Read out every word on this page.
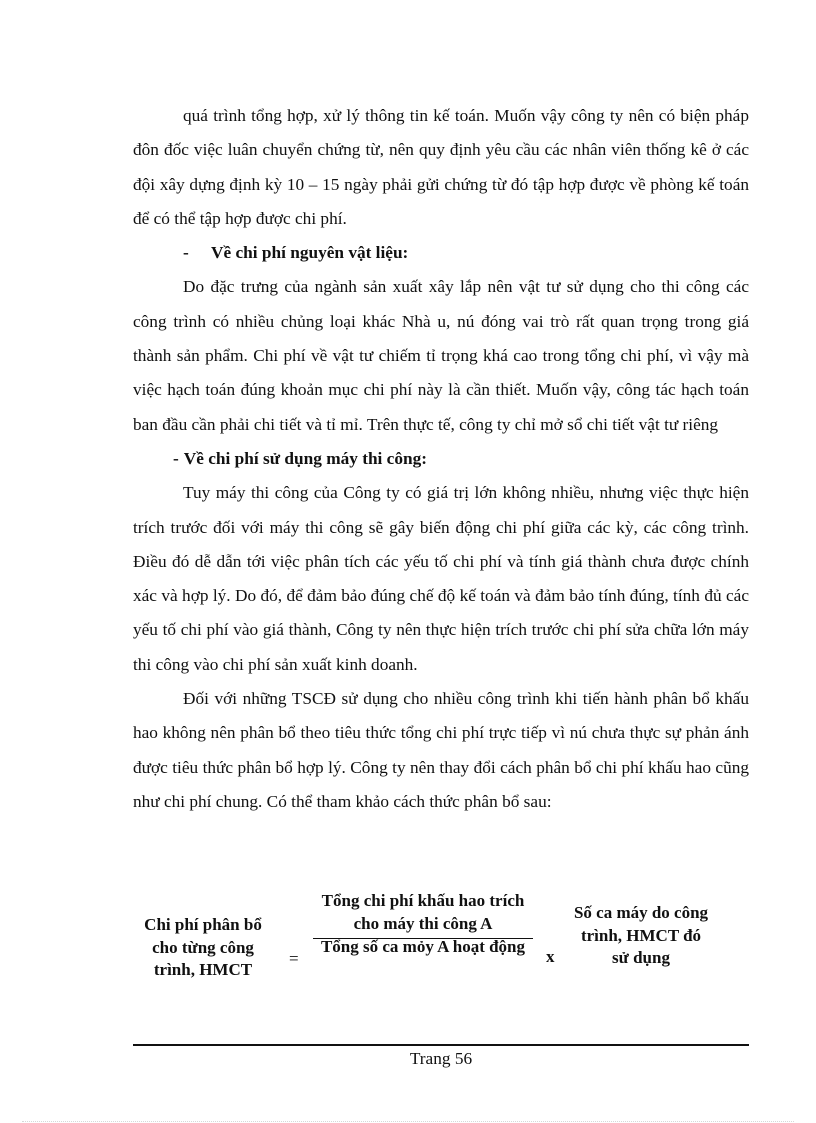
quá trình tổng hợp, xử lý thông tin kế toán. Muốn vậy công ty nên có biện pháp đôn đốc việc luân chuyển chứng từ, nên quy định yêu cầu các nhân viên thống kê ở các đội xây dựng định kỳ 10 – 15 ngày phải gửi chứng từ đó tập hợp được về phòng kế toán để có thể tập hợp được chi phí.

- Về chi phí nguyên vật liệu:

Do đặc trưng của ngành sản xuất xây lắp nên vật tư sử dụng cho thi công các công trình có nhiều chủng loại khác Nhà u, nú đóng vai trò rất quan trọng trong giá thành sản phẩm. Chi phí về vật tư chiếm tỉ trọng khá cao trong tổng chi phí, vì vậy mà việc hạch toán đúng khoản mục chi phí này là cần thiết. Muốn vậy, công tác hạch toán ban đầu cần phải chi tiết và tỉ mỉ. Trên thực tế, công ty chỉ mở sổ chi tiết vật tư riêng

- Về chi phí sử dụng máy thi công:

Tuy máy thi công của Công ty có giá trị lớn không nhiều, nhưng việc thực hiện trích trước đối với máy thi công sẽ gây biến động chi phí giữa các kỳ, các công trình. Điều đó dễ dẫn tới việc phân tích các yếu tố chi phí và tính giá thành chưa được chính xác và hợp lý. Do đó, để đảm bảo đúng chế độ kế toán và đảm bảo tính đúng, tính đủ các yếu tố chi phí vào giá thành, Công ty nên thực hiện trích trước chi phí sửa chữa lớn máy thi công vào chi phí sản xuất kinh doanh.

Đối với những TSCĐ sử dụng cho nhiều công trình khi tiến hành phân bổ khấu hao không nên phân bổ theo tiêu thức tổng chi phí trực tiếp vì nú chưa thực sự phản ánh được tiêu thức phân bổ hợp lý. Công ty nên thay đổi cách phân bổ chi phí khấu hao cũng như chi phí chung. Có thể tham khảo cách thức phân bổ sau:

Chi phí phân bổ cho từng công trình, HMCT
=
Tổng chi phí khấu hao trích cho máy thi công A
Tổng số ca mỏy A hoạt động
x
Số ca máy do công trình, HMCT đó sử dụng
Trang 56
